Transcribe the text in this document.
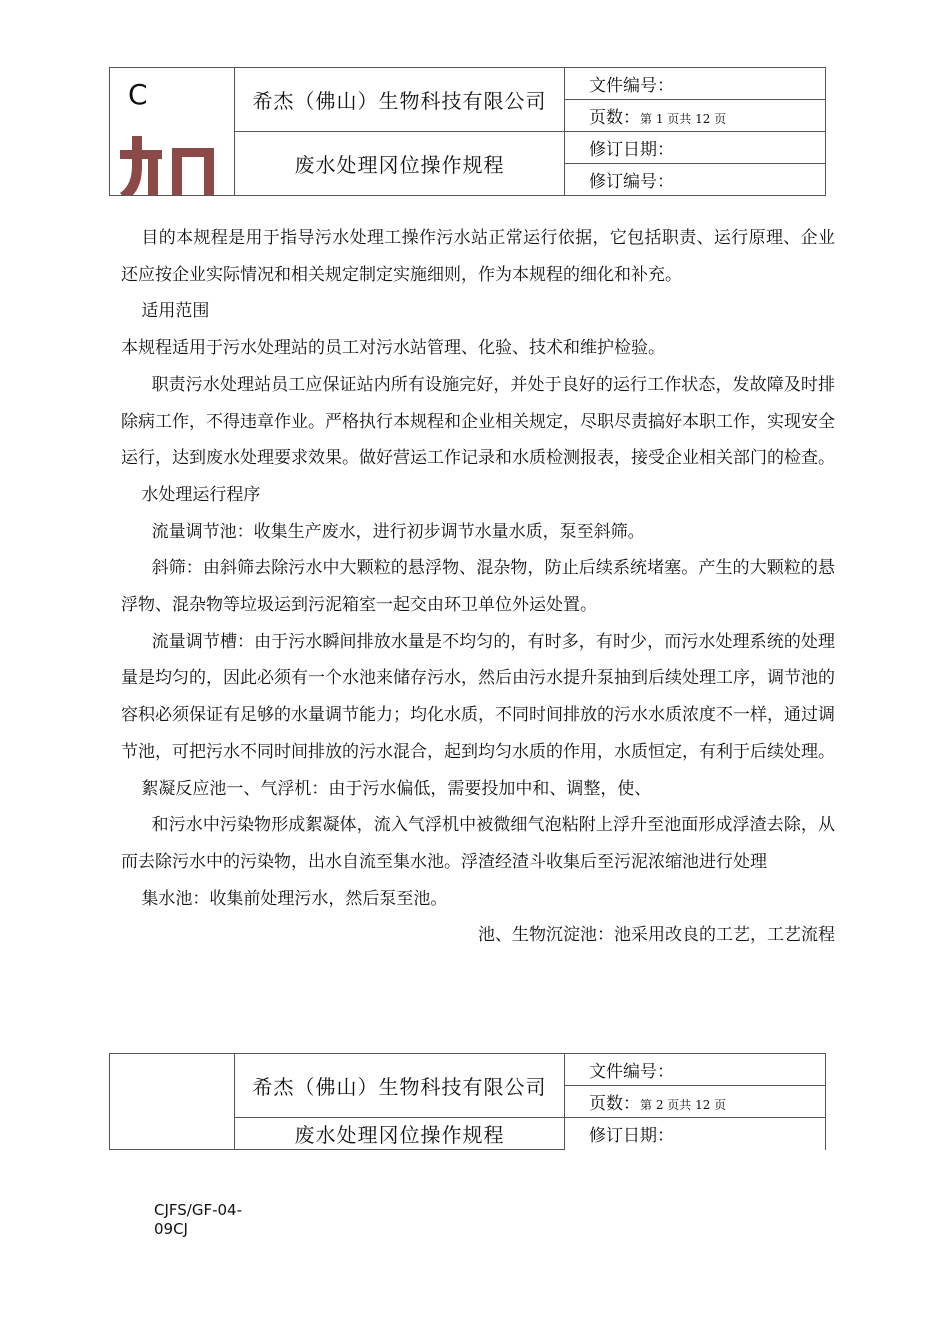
C	希杰（佛山）生物科技有限公司	文件编号：
		页数：第 1 页共 12 页
	废水处理冈位操作规程	修订日期：
		修订编号：

目的本规程是用于指导污水处理工操作污水站正常运行依据，它包括职责、运行原理、企业还应按企业实际情况和相关规定制定实施细则，作为本规程的细化和补充。

适用范围

本规程适用于污水处理站的员工对污水站管理、化验、技术和维护检验。

职责污水处理站员工应保证站内所有设施完好，并处于良好的运行工作状态，发故障及时排除病工作，不得违章作业。严格执行本规程和企业相关规定，尽职尽责搞好本职工作，实现安全运行，达到废水处理要求效果。做好营运工作记录和水质检测报表，接受企业相关部门的检查。

水处理运行程序

流量调节池：收集生产废水，进行初步调节水量水质，泵至斜筛。

斜筛：由斜筛去除污水中大颗粒的悬浮物、混杂物，防止后续系统堵塞。产生的大颗粒的悬浮物、混杂物等垃圾运到污泥箱室一起交由环卫单位外运处置。

流量调节槽：由于污水瞬间排放水量是不均匀的，有时多，有时少，而污水处理系统的处理量是均匀的，因此必须有一个水池来储存污水，然后由污水提升泵抽到后续处理工序，调节池的容积必须保证有足够的水量调节能力；均化水质，不同时间排放的污水水质浓度不一样，通过调节池，可把污水不同时间排放的污水混合，起到均匀水质的作用，水质恒定，有利于后续处理。

絮凝反应池一、气浮机：由于污水偏低，需要投加中和、调整，使、

和污水中污染物形成絮凝体，流入气浮机中被微细气泡粘附上浮升至池面形成浮渣去除，从而去除污水中的污染物，出水自流至集水池。浮渣经渣斗收集后至污泥浓缩池进行处理

集水池：收集前处理污水，然后泵至池。

池、生物沉淀池：池采用改良的工艺，工艺流程

	希杰（佛山）生物科技有限公司	文件编号：
		页数：第 2 页共 12 页
	废水处理冈位操作规程	修订日期：
CJFS/GF-04-09CJ
